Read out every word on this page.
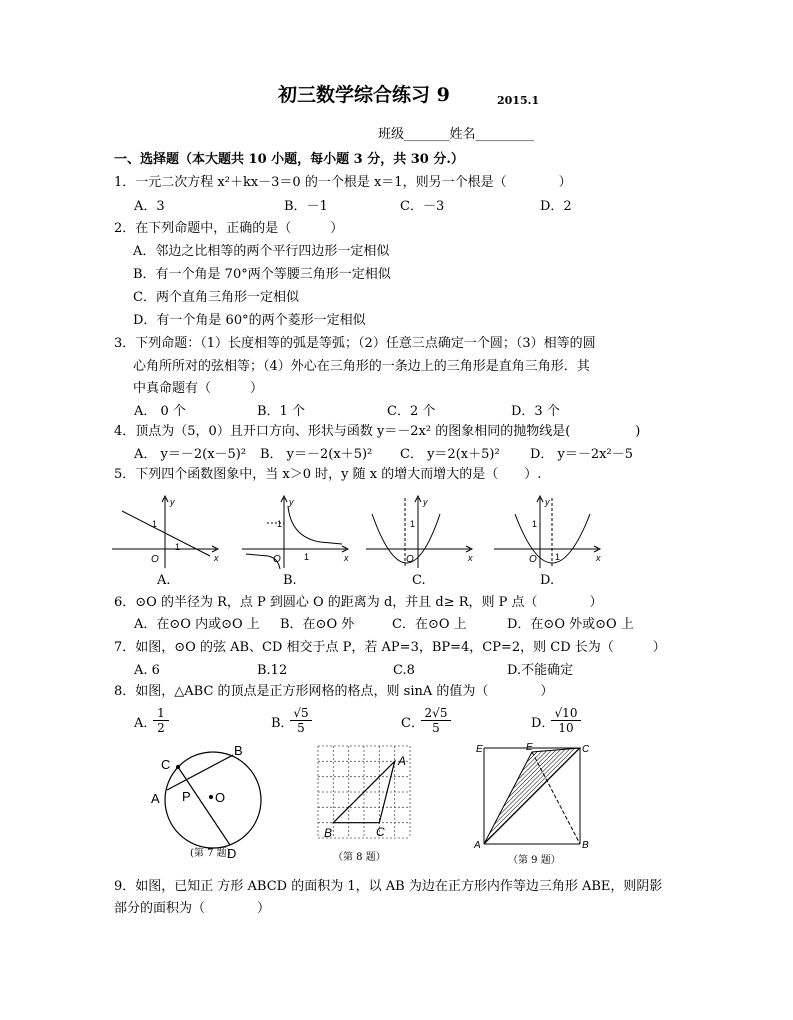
初三数学综合练习 9	2015.1
班级_______姓名_________
一、选择题（本大题共 10 小题，每小题 3 分，共 30 分.）
1．一元二次方程 x²＋kx－3＝0 的一个根是 x＝1，则另一个根是（　　　　）
A．3	B．－1	C．－3	D．2
2．在下列命题中，正确的是（　　　）
A．邻边之比相等的两个平行四边形一定相似
B．有一个角是 70°两个等腰三角形一定相似
C．两个直角三角形一定相似
D．有一个角是 60°的两个菱形一定相似
3．下列命题：（1）长度相等的弧是等弧；（2）任意三点确定一个圆；（3）相等的圆
心角所所对的弦相等；（4）外心在三角形的一条边上的三角形是直角三角形．其
中真命题有（　　　）
A． 0 个	B．1 个	C．2 个	D．3 个
4．顶点为（5，0）且开口方向、形状与函数 y＝－2x² 的图象相同的抛物线是(　　　　　)
A． y＝－2(x－5)² B． y＝－2(x＋5)² C． y＝2(x＋5)² D． y＝－2x²－5
5．下列四个函数图象中，当 x＞0 时，y 随 x 的增大而增大的是（　　）.
y
x
O
1
1
A.
y
x
O
1
1
B.
y
x
O
1
C.
y
x
O
1
1
D.
6．⊙O 的半径为 R，点 P 到圆心 O 的距离为 d，并且 d≥ R，则 P 点（　　　　）
A．在⊙O 内或⊙O 上 B．在⊙O 外	C．在⊙O 上	D．在⊙O 外或⊙O 上
7．如图，⊙O 的弦 AB、CD 相交于点 P，若 AP=3，BP=4，CP=2，则 CD 长为（　　　）
A. 6	B.12	C.8	D.不能确定
8．如图，△ABC 的顶点是正方形网格的格点，则 sinA 的值为（　　　　）
A．
$\frac{1}{2}$	B．
$\frac{√5}{5}$	C．
$\frac{2√5}{5}$	D．
$\frac{√10}{10}$
C
B
A P O
D
(第 7 题)
A
B	C
（第 8 题）
E	E	C
A	B
（第 9 题）
9．如图，已知正 方形 ABCD 的面积为 1，以 AB 为边在正方形内作等边三角形 ABE，则阴影
部分的面积为（　　　　）
